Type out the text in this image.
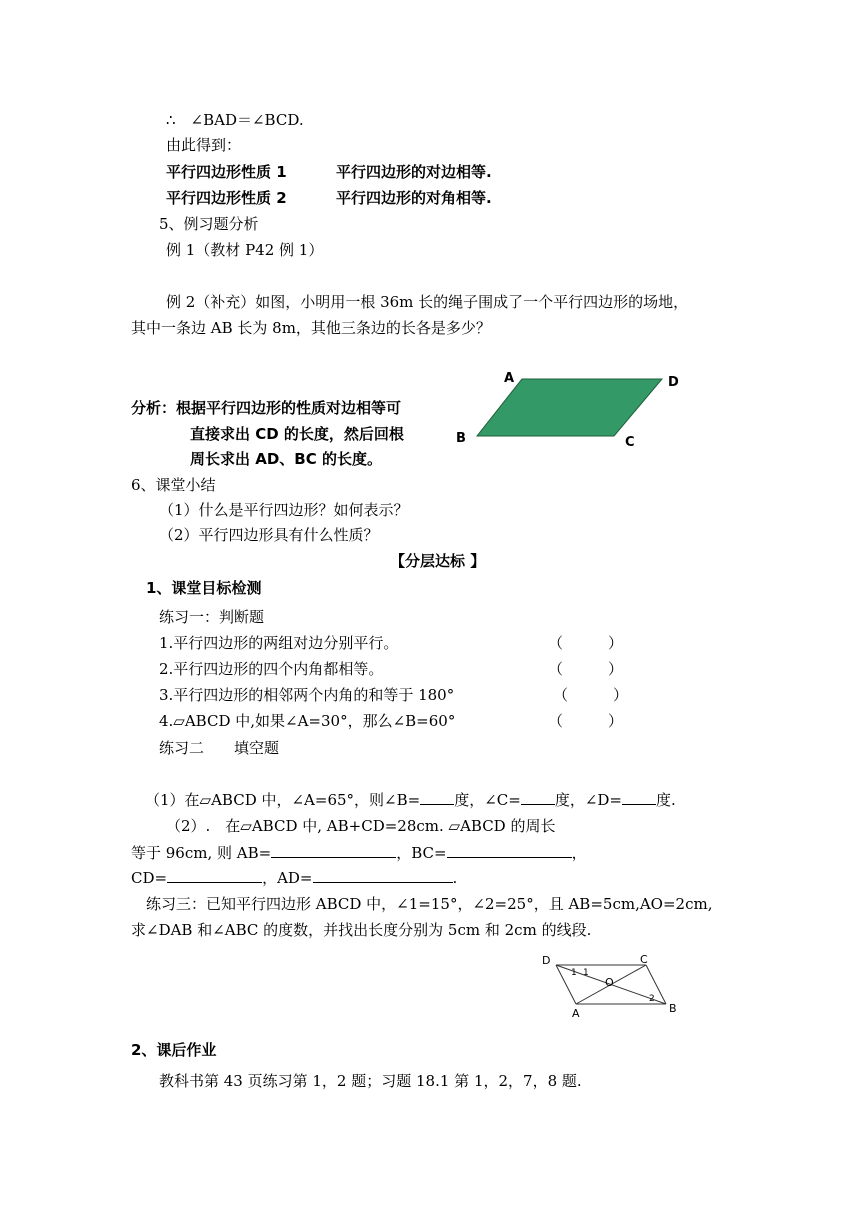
∴　∠BAD＝∠BCD.
由此得到：
平行四边形性质 1	平行四边形的对边相等.
平行四边形性质 2	平行四边形的对角相等.
5、例习题分析
例 1（教材 P42 例 1）
例 2（补充）如图，小明用一根 36m 长的绳子围成了一个平行四边形的场地，
其中一条边 AB 长为 8m，其他三条边的长各是多少？
A	D
B	C
分析：根据平行四边形的性质对边相等可
直接求出 CD 的长度，然后回根
周长求出 AD、BC 的长度。
6、课堂小结
（1）什么是平行四边形？如何表示？
（2）平行四边形具有什么性质？
【分层达标 】
1、课堂目标检测
练习一：判断题
1.平行四边形的两组对边分别平行。	（　　　）
2.平行四边形的四个内角都相等。	（　　　）
3.平行四边形的相邻两个内角的和等于 180°	（　　　）
4.▱ABCD 中,如果∠A=30°，那么∠B=60°	（　　　）
练习二　　填空题
（1）在▱ABCD 中，∠A=65°，则∠B= 度，∠C= 度，∠D= 度.
（2）.　在▱ABCD 中, AB+CD=28cm. ▱ABCD 的周长
等于 96cm, 则 AB=	，BC=	，
CD=	，AD=	.
练习三：已知平行四边形 ABCD 中，∠1=15°，∠2=25°，且 AB=5cm,AO=2cm,
求∠DAB 和∠ABC 的度数，并找出长度分别为 5cm 和 2cm 的线段.
D	C
B
A
O
1 1
2
2、课后作业
教科书第 43 页练习第 1，2 题；习题 18.1 第 1，2，7，8 题.
